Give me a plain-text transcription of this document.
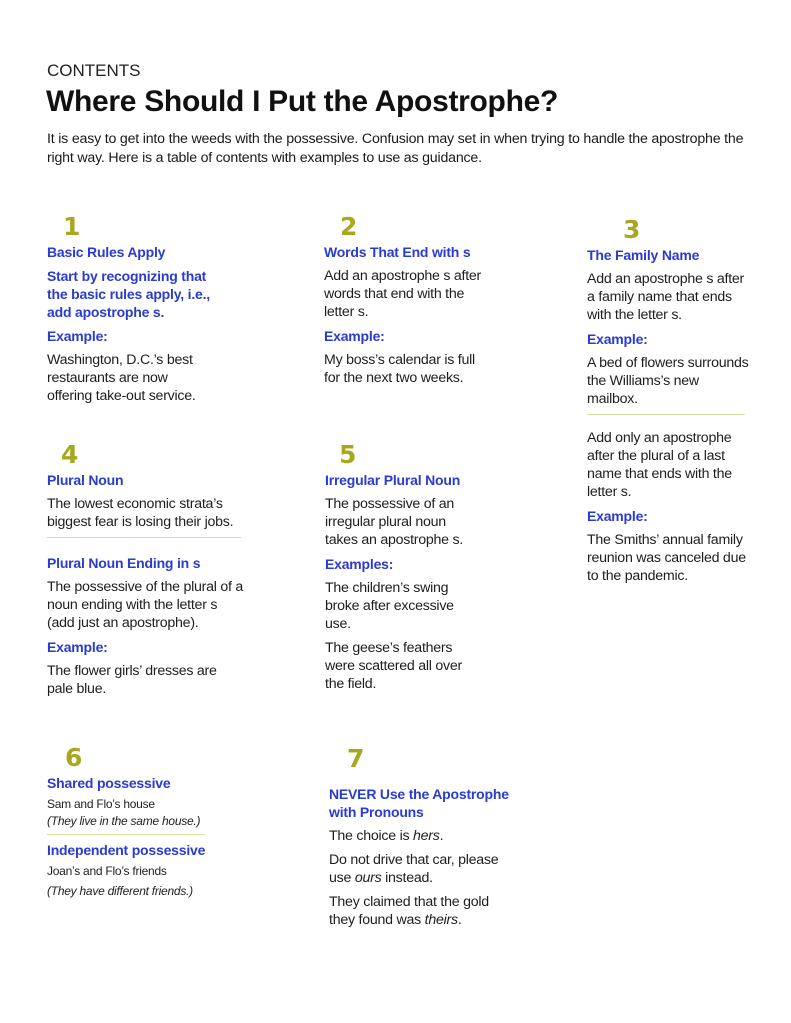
CONTENTS
Where Should I Put the Apostrophe?
It is easy to get into the weeds with the possessive. Confusion may set in when trying to handle the apostrophe the right way. Here is a table of contents with examples to use as guidance.
1
Basic Rules Apply
Start by recognizing that the basic rules apply, i.e., add apostrophe s.
Example:
Washington, D.C.’s best restaurants are now offering take-out service.
2
Words That End with s
Add an apostrophe s after words that end with the letter s.
Example:
My boss’s calendar is full for the next two weeks.
3
The Family Name
Add an apostrophe s after a family name that ends with the letter s.
Example:
A bed of flowers surrounds the Williams’s new mailbox.
Add only an apostrophe after the plural of a last name that ends with the letter s.
Example:
The Smiths’ annual family reunion was canceled due to the pandemic.
4
Plural Noun
The lowest economic strata’s biggest fear is losing their jobs.
Plural Noun Ending in s
The possessive of the plural of a noun ending with the letter s (add just an apostrophe).
Example:
The flower girls’ dresses are pale blue.
5
Irregular Plural Noun
The possessive of an irregular plural noun takes an apostrophe s.
Examples:
The children’s swing broke after excessive use.
The geese’s feathers were scattered all over the field.
6
Shared possessive
Sam and Flo’s house
(They live in the same house.)
Independent possessive
Joan’s and Flo’s friends
(They have different friends.)
7
NEVER Use the Apostrophe with Pronouns
The choice is hers.
Do not drive that car, please use ours instead.
They claimed that the gold they found was theirs.
